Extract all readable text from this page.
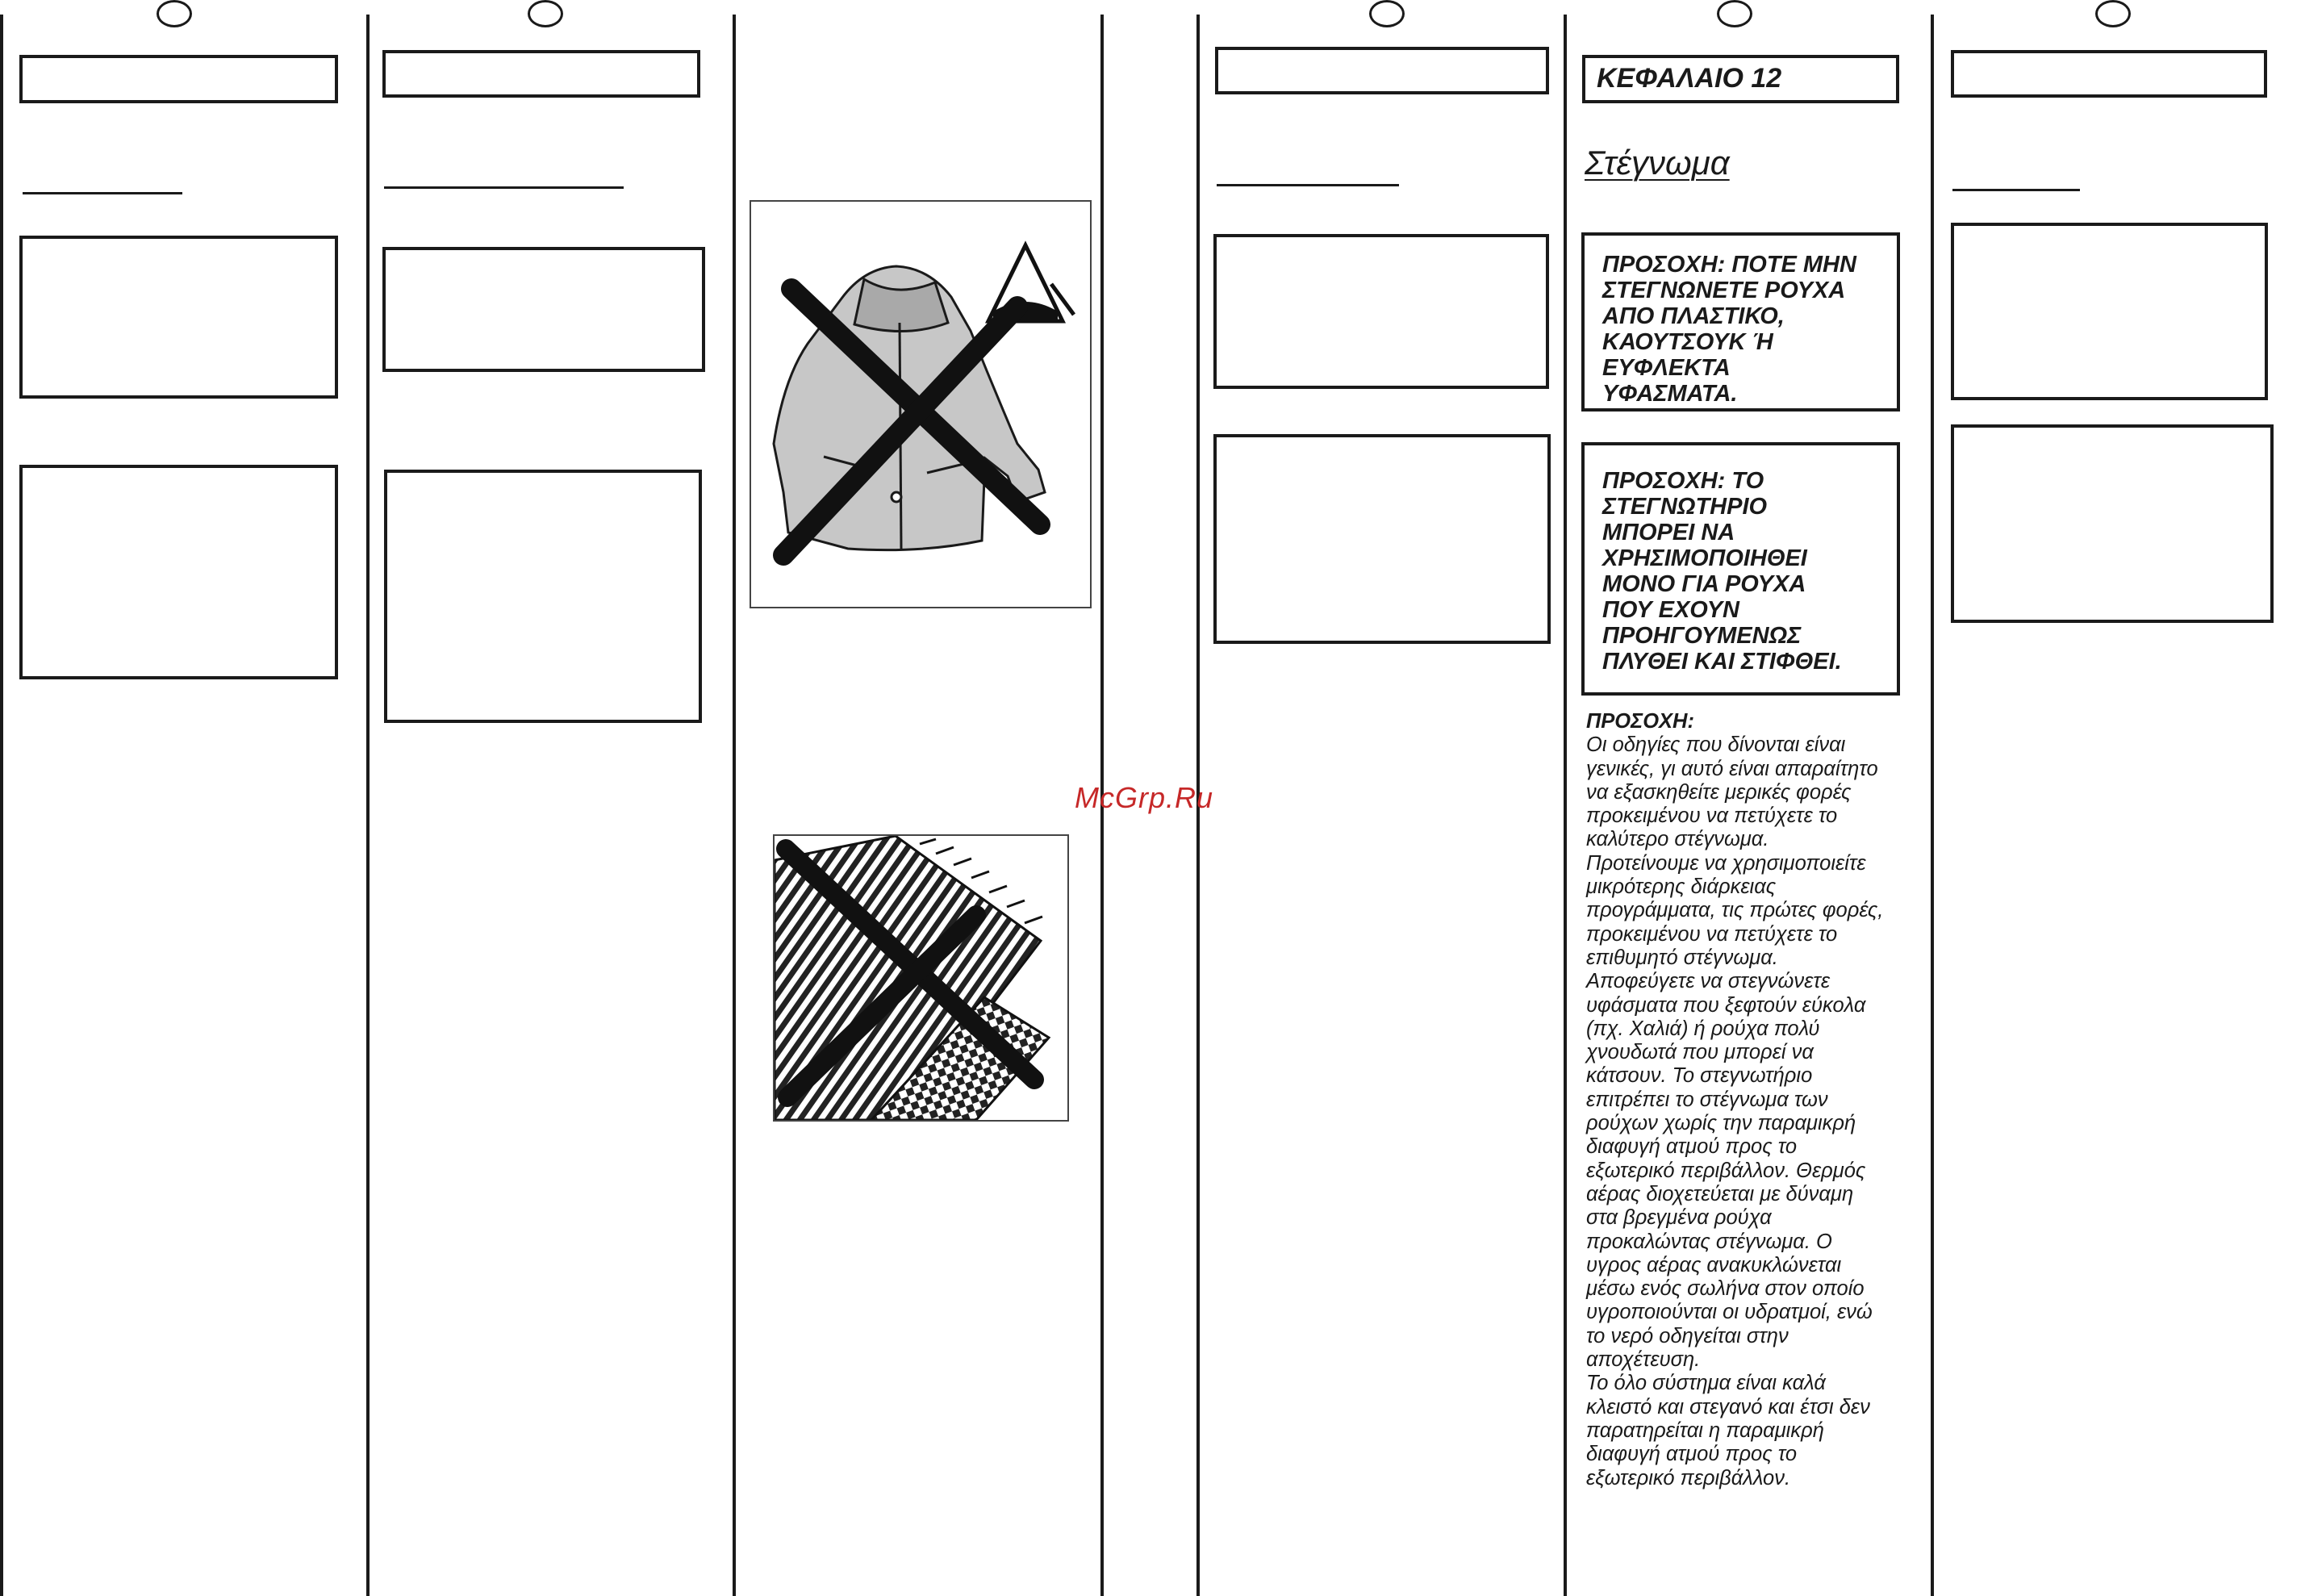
McGrp.Ru
ΚΕΦΑΛΑΙΟ 12
Στέγνωμα
ΠΡΟΣΟΧΗ: ΠΟΤΕ ΜΗΝ
ΣΤΕΓΝΩΝΕΤΕ ΡΟΥΧΑ
ΑΠΟ ΠΛΑΣΤΙΚΟ,
ΚΑΟΥΤΣΟΥΚ Ή
ΕΥΦΛΕΚΤΑ
ΥΦΑΣΜΑΤΑ.
ΠΡΟΣΟΧΗ: ΤΟ
ΣΤΕΓΝΩΤΗΡΙΟ
ΜΠΟΡΕΙ ΝΑ
ΧΡΗΣΙΜΟΠΟΙΗΘΕΙ
ΜΟΝΟ ΓΙΑ ΡΟΥΧΑ
ΠΟΥ ΕΧΟΥΝ
ΠΡΟΗΓΟΥΜΕΝΩΣ
ΠΛΥΘΕΙ ΚΑΙ ΣΤΙΦΘΕΙ.
ΠΡΟΣΟΧΗ:
Οι οδηγίες που δίνονται είναι
γενικές, γι αυτό είναι απαραίτητο
να εξασκηθείτε μερικές φορές
προκειμένου να πετύχετε το
καλύτερο στέγνωμα.
Προτείνουμε να χρησιμοποιείτε
μικρότερης διάρκειας
προγράμματα, τις πρώτες φορές,
προκειμένου να πετύχετε το
επιθυμητό στέγνωμα.
Αποφεύγετε να στεγνώνετε
υφάσματα που ξεφτούν εύκολα
(πχ. Χαλιά) ή ρούχα πολύ
χνουδωτά που μπορεί να
κάτσουν. Το στεγνωτήριο
επιτρέπει το στέγνωμα των
ρούχων χωρίς την παραμικρή
διαφυγή ατμού προς το
εξωτερικό περιβάλλον. Θερμός
αέρας διοχετεύεται με δύναμη
στα βρεγμένα ρούχα
προκαλώντας στέγνωμα. Ο
υγρος αέρας ανακυκλώνεται
μέσω ενός σωλήνα στον οποίο
υγροποιούνται οι υδρατμοί, ενώ
το νερό οδηγείται στην
αποχέτευση.
Το όλο σύστημα είναι καλά
κλειστό και στεγανό και έτσι δεν
παρατηρείται η παραμικρή
διαφυγή ατμού προς το
εξωτερικό περιβάλλον.
